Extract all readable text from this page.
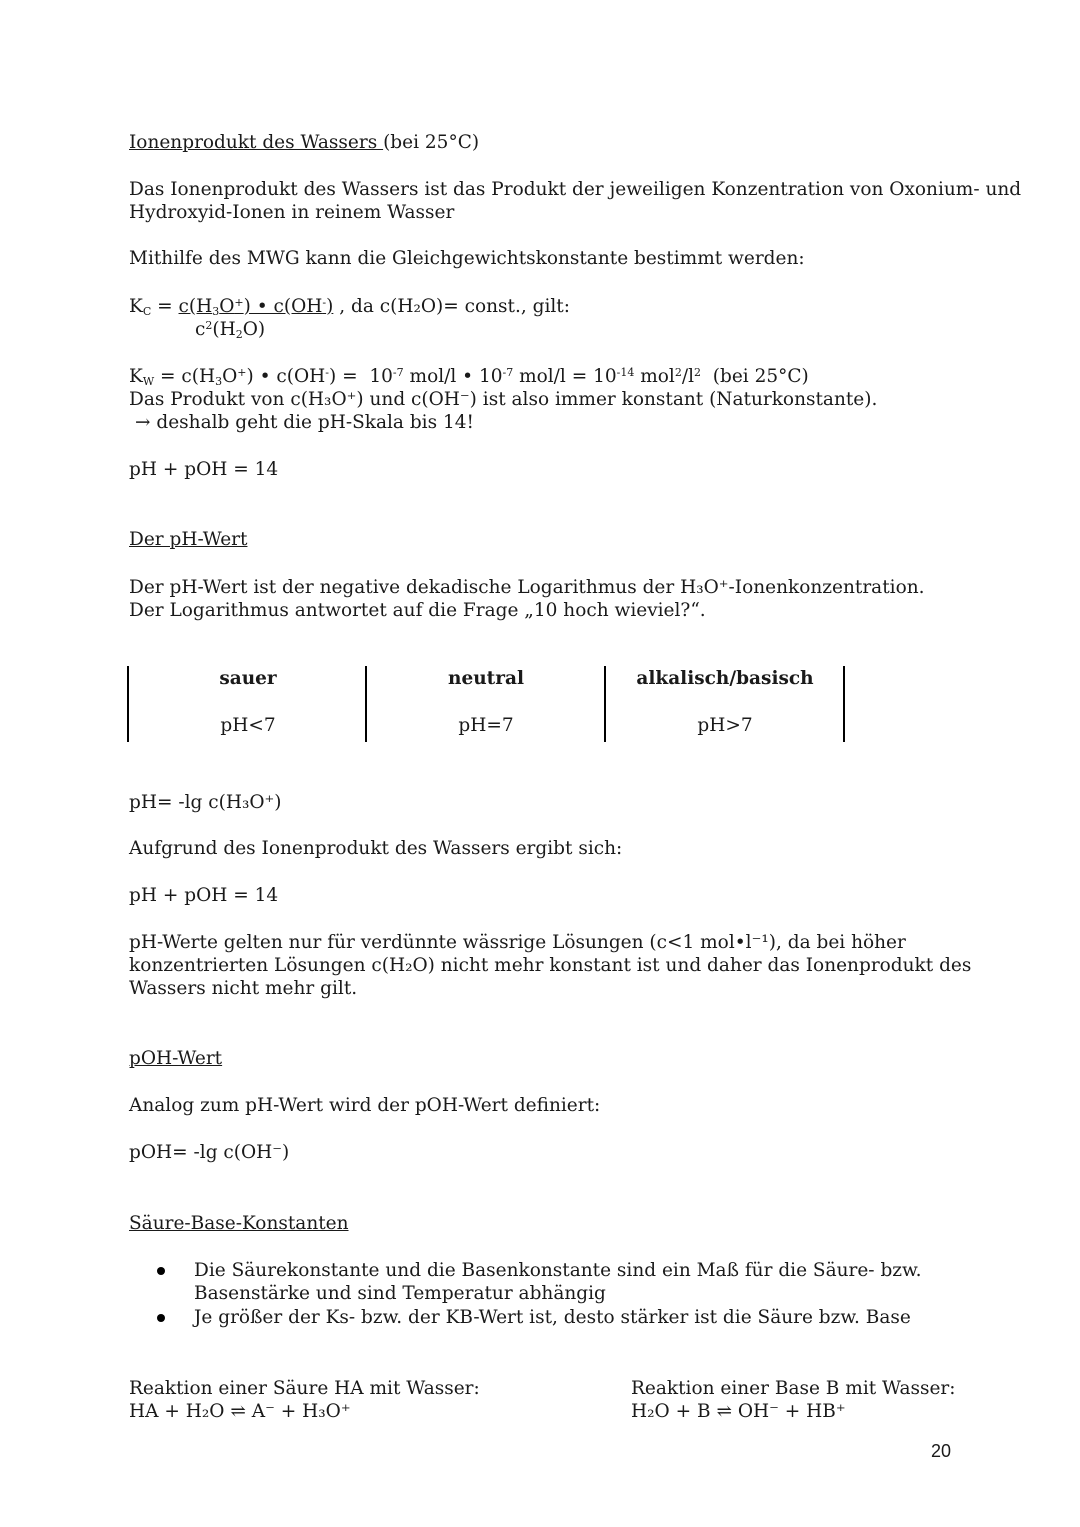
Ionenprodukt des Wassers (bei 25°C)
Das Ionenprodukt des Wassers ist das Produkt der jeweiligen Konzentration von Oxonium- und
Hydroxyid-Ionen in reinem Wasser
Mithilfe des MWG kann die Gleichgewichtskonstante bestimmt werden:
$K_C = c(H_3O^+)$ • c(OH-) , da c(H₂O)= const., gilt:
$c^2(H_2O)$
$K_W = c(H_3O^+)$ • $c(OH^-) = 10^{-7}$ mol/l • $10^{-7}$ $mol/l = 10^{-14}$ $mol^2/l^2$  (bei 25°C)
Das Produkt von c(H₃O⁺) und c(OH⁻) ist also immer konstant (Naturkonstante).
→ deshalb geht die pH-Skala bis 14!
pH + pOH = 14
Der pH-Wert
Der pH-Wert ist der negative dekadische Logarithmus der H₃O⁺-Ionenkonzentration.
Der Logarithmus antwortet auf die Frage „10 hoch wieviel?“.
sauer
pH<7
neutral
pH=7
alkalisch/basisch
pH>7
pH= -lg c(H₃O⁺)
Aufgrund des Ionenprodukt des Wassers ergibt sich:
pH + pOH = 14
pH-Werte gelten nur für verdünnte wässrige Lösungen (c<1 mol•l⁻¹), da bei höher
konzentrierten Lösungen c(H₂O) nicht mehr konstant ist und daher das Ionenprodukt des
Wassers nicht mehr gilt.
pOH-Wert
Analog zum pH-Wert wird der pOH-Wert definiert:
pOH= -lg c(OH⁻)
Säure-Base-Konstanten
Die Säurekonstante und die Basenkonstante sind ein Maß für die Säure- bzw.
Basenstärke und sind Temperatur abhängig
Je größer der Ks- bzw. der KB-Wert ist, desto stärker ist die Säure bzw. Base
Reaktion einer Säure HA mit Wasser:
HA + H₂O ⇌ A⁻ + H₃O⁺
Reaktion einer Base B mit Wasser:
H₂O + B ⇌ OH⁻ + HB⁺
20
